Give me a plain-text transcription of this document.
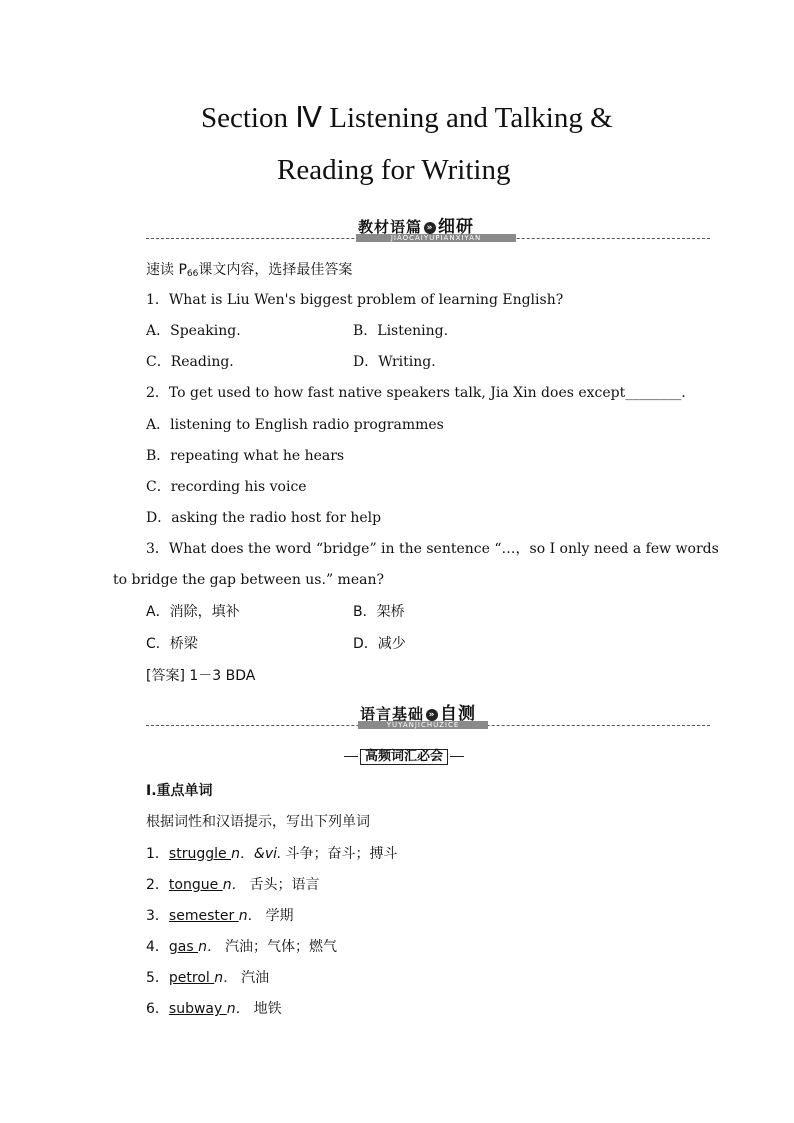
Section Ⅳ Listening and Talking &
Reading for Writing
JIAOCAIYUPIANXIYAN
教材语篇 » 细研
速读 $P_{66}$课文内容，选择最佳答案
1．What is Liu Wen's biggest problem of learning English?
A．Speaking.	B．Listening.
C．Reading.	D．Writing.
2．To get used to how fast native speakers talk, Jia Xin does except________.
A．listening to English radio programmes
B．repeating what he hears
C．recording his voice
D．asking the radio host for help
3．What does the word “bridge” in the sentence “…，so I only need a few words
to bridge the gap between us.” mean?
A．消除，填补	B．架桥
C．桥梁	D．减少
[答案] 1－3 BDA
YUYANJICHUZICE
语言基础 » 自测
高频词汇必会
Ⅰ.重点单词
根据词性和汉语提示，写出下列单词
1．struggle n．&vi. 斗争；奋斗；搏斗
2．tongue n． 舌头；语言
3．semester n． 学期
4．gas n． 汽油；气体；燃气
5．petrol n． 汽油
6．subway n． 地铁
